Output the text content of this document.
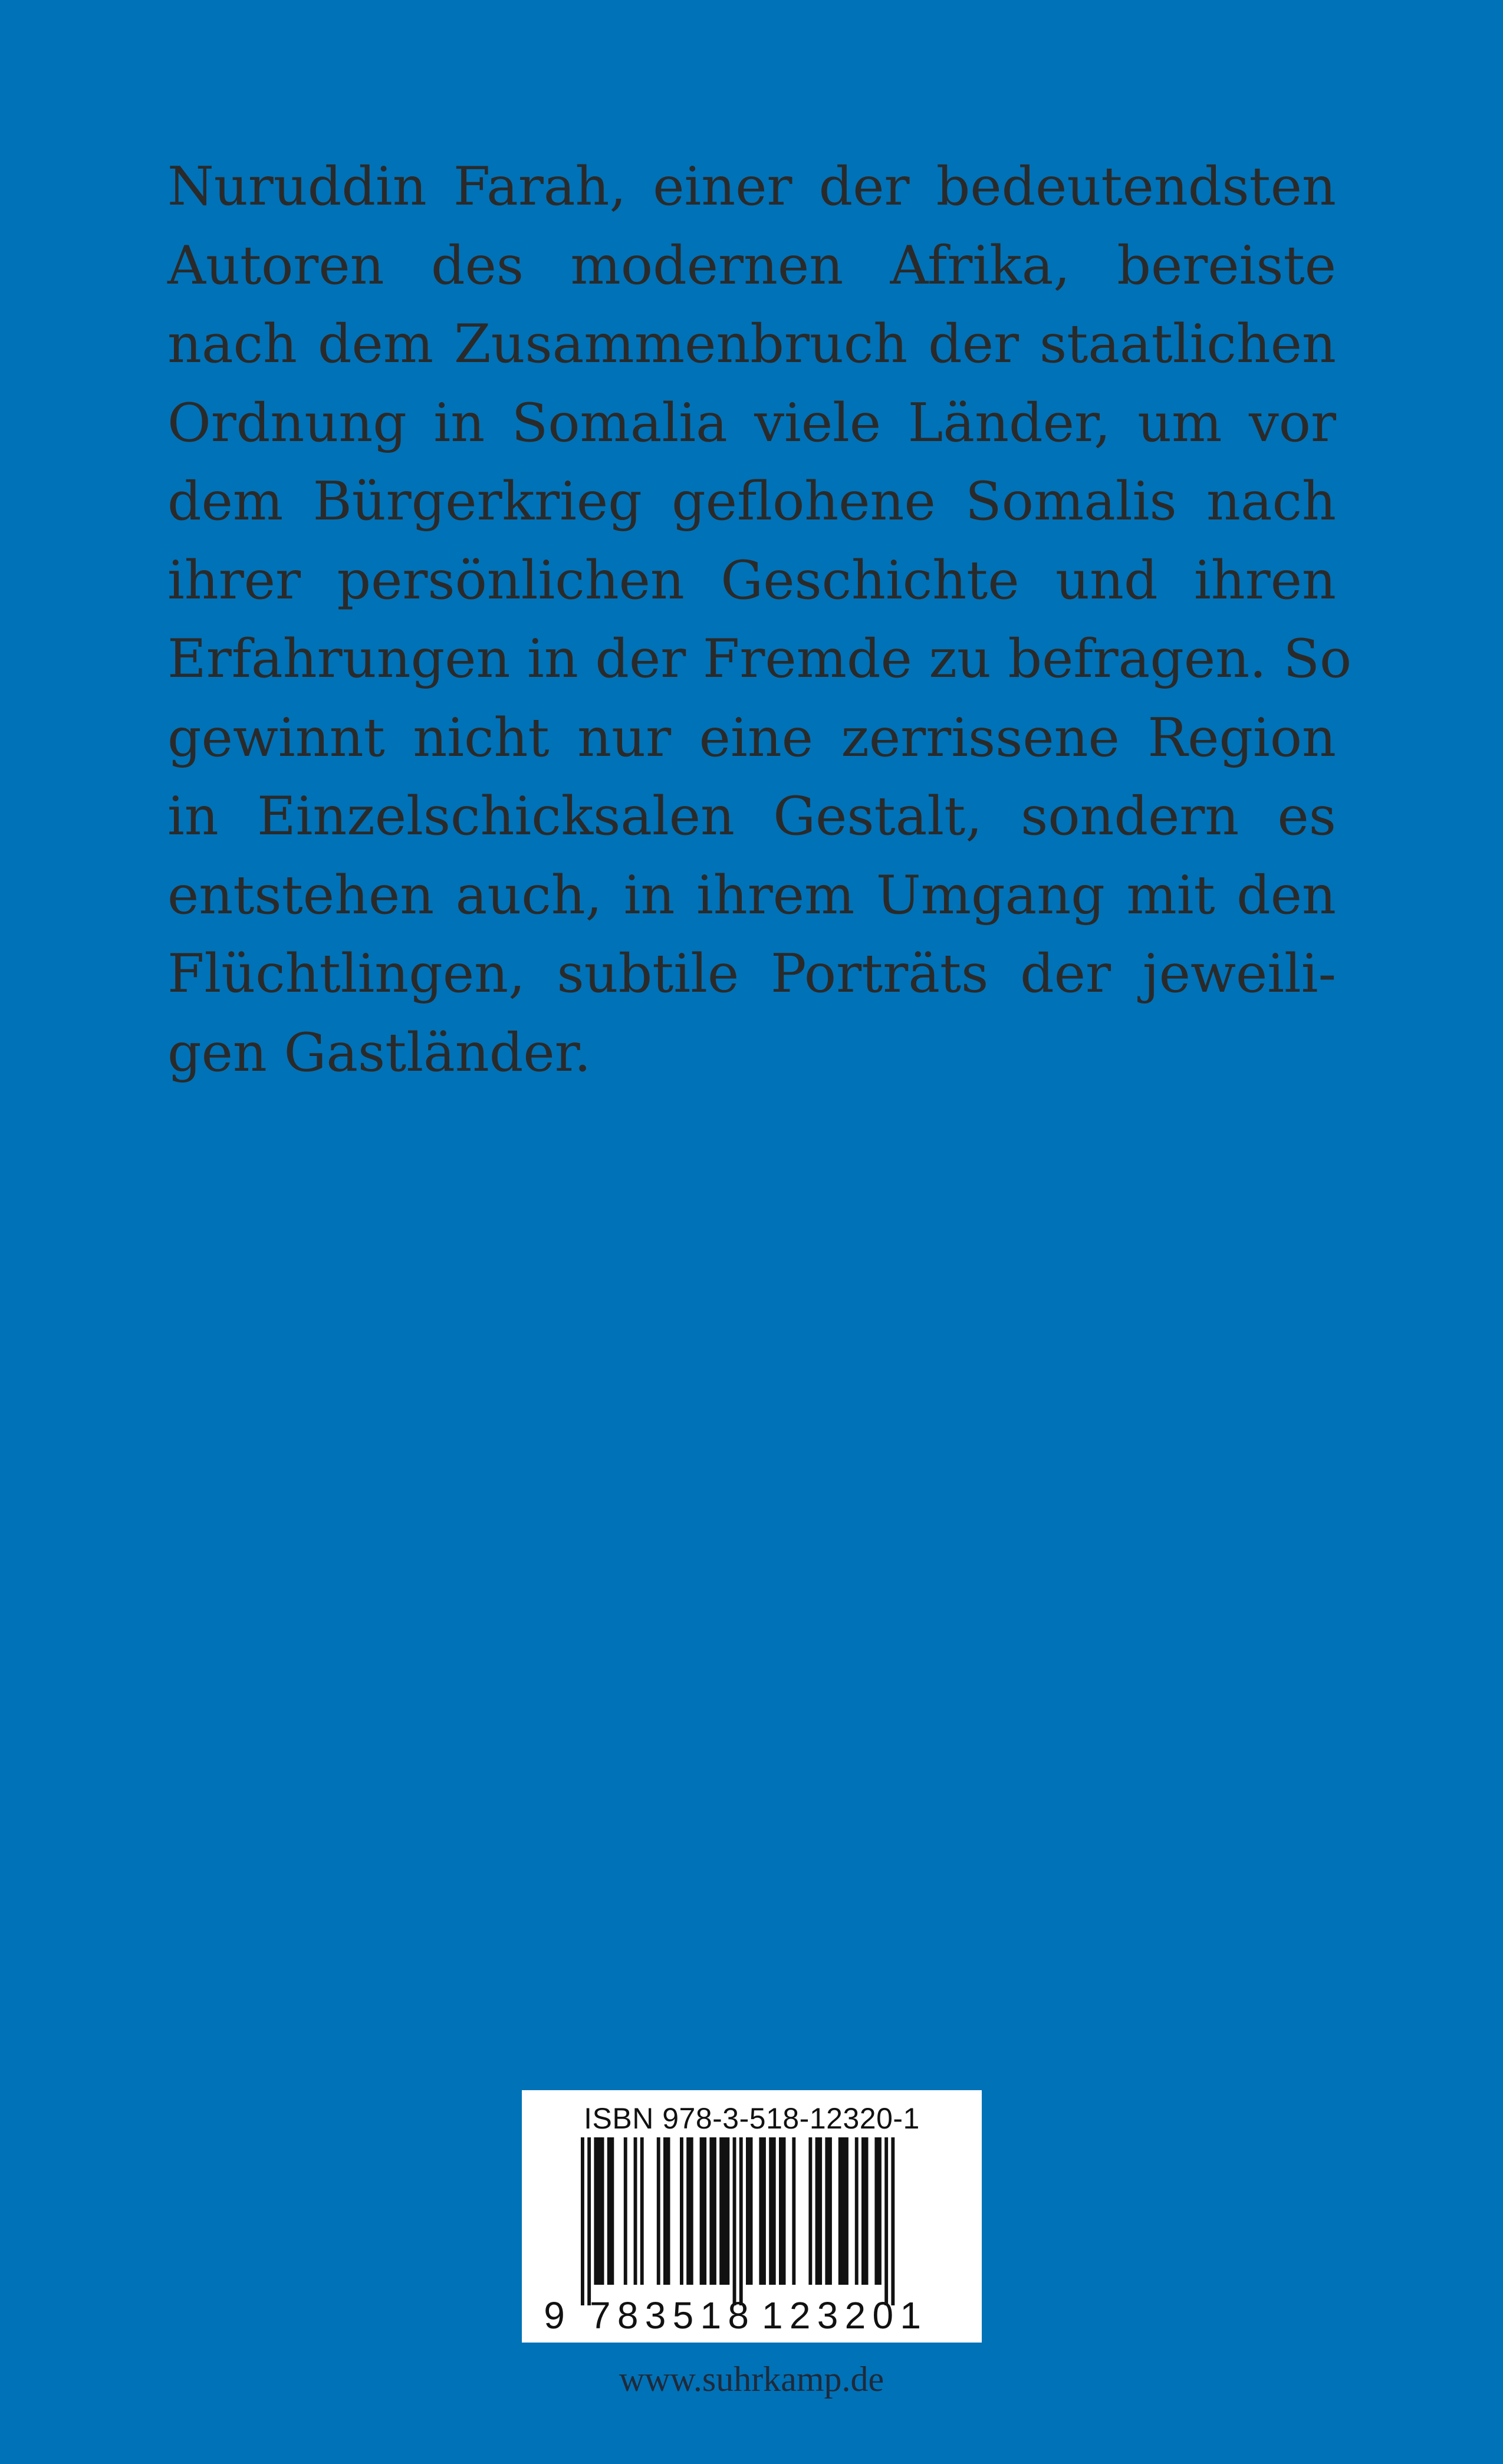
Nuruddin Farah, einer der bedeutendsten
Autoren des modernen Afrika, bereiste
nach dem Zusammenbruch der staatlichen
Ordnung in Somalia viele Länder, um vor
dem Bürgerkrieg geflohene Somalis nach
ihrer persönlichen Geschichte und ihren
Erfahrungen in der Fremde zu befragen. So
gewinnt nicht nur eine zerrissene Region
in Einzelschicksalen Gestalt, sondern es
entstehen auch, in ihrem Umgang mit den
Flüchtlingen, subtile Porträts der jeweili-
gen Gastländer.
ISBN 978-3-518-12320-1
9 783518 123201
www.suhrkamp.de
